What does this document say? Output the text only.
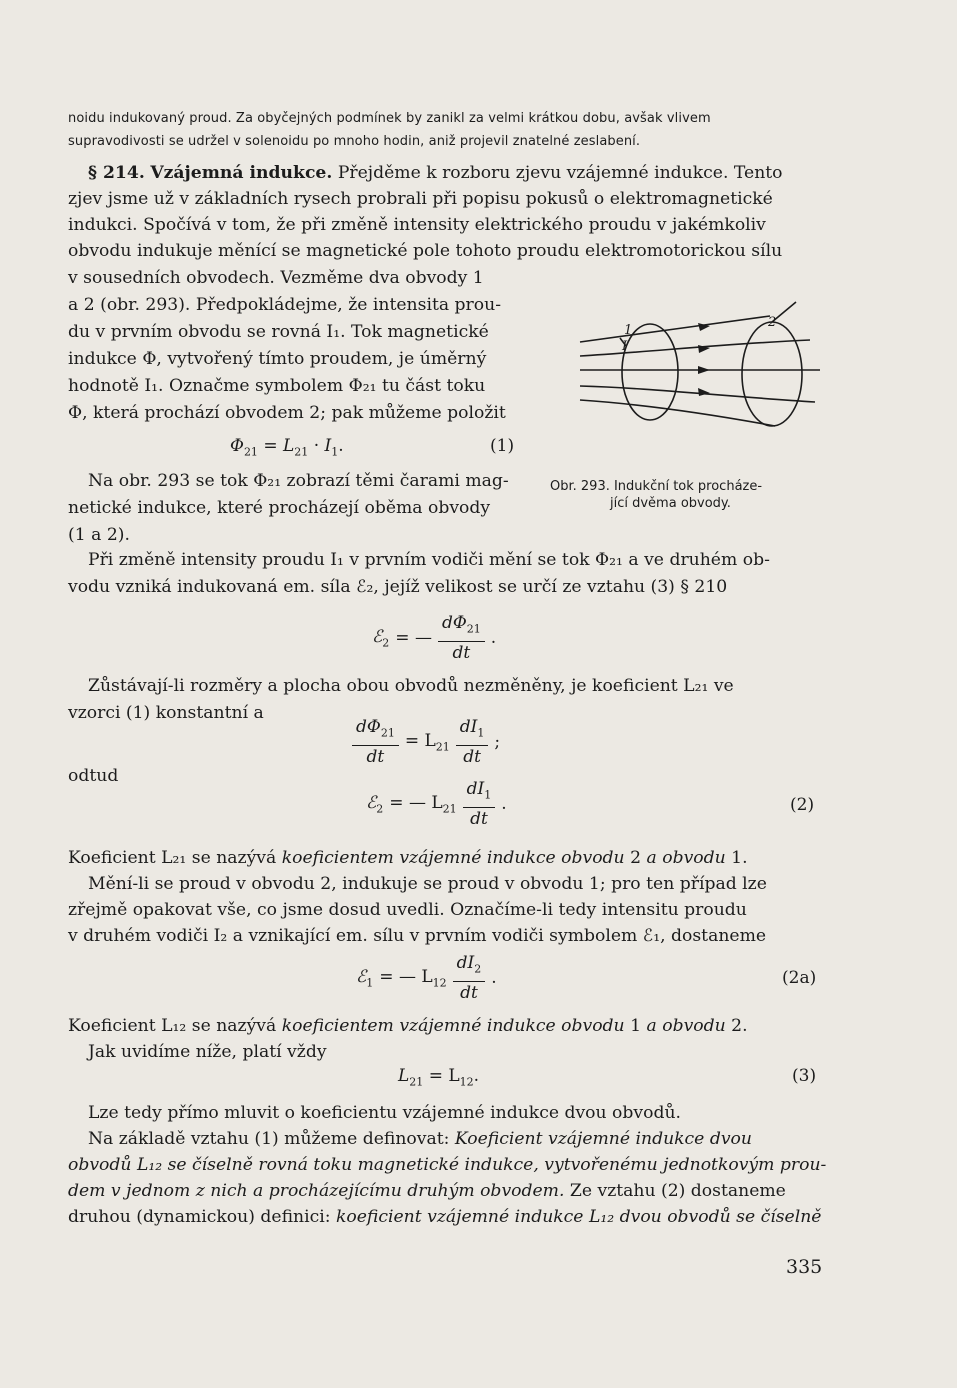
noidu indukovaný proud. Za obyčejných podmínek by zanikl za velmi krátkou dobu, avšak vlivem

supravodivosti se udržel v solenoidu po mnoho hodin, aniž projevil znatelné zeslabení.

§ 214. Vzájemná indukce. Přejděme k rozboru zjevu vzájemné indukce. Tento

zjev jsme už v základních rysech probrali při popisu pokusů o elektromagnetické

indukci. Spočívá v tom, že při změně intensity elektrického proudu v jakémkoliv

obvodu indukuje měnící se magnetické pole tohoto proudu elektromotorickou sílu

v sousedních obvodech. Vezměme dva obvody 1

a 2 (obr. 293). Předpokládejme, že intensita prou-

du v prvním obvodu se rovná I₁. Tok magnetické

indukce Φ, vytvořený tímto proudem, je úměrný

hodnotě I₁. Označme symbolem Φ₂₁ tu část toku

Φ, která prochází obvodem 2; pak můžeme položit

$\Phi_{21} = L_{21} \cdot I_1$.	(1)

Na obr. 293 se tok Φ₂₁ zobrazí těmi čarami mag-

netické indukce, které procházejí oběma obvody

(1 a 2).

1
2
I
Obr. 293. Indukční tok procháze-
jící dvěma obvody.

Při změně intensity proudu I₁ v prvním vodiči mění se tok Φ₂₁ a ve druhém ob-

vodu vzniká indukovaná em. síla ℰ₂, jejíž velikost se určí ze vztahu (3) § 210

ℰ$_2$ = — $\frac{d\Phi_{21}}{dt}$ .

Zůstávají-li rozměry a plocha obou obvodů nezměněny, je koeficient L₂₁ ve

vzorci (1) konstantní a

$\frac{d\Phi_{21}}{dt} = L_{21} \frac{dI_1}{dt}$ ;

odtud

ℰ$_2$ = — $L_{21} \frac{dI_1}{dt}$ .	(2)

Koeficient L₂₁ se nazývá koeficientem vzájemné indukce obvodu 2 a obvodu 1.

Mění-li se proud v obvodu 2, indukuje se proud v obvodu 1; pro ten případ lze

zřejmě opakovat vše, co jsme dosud uvedli. Označíme-li tedy intensitu proudu

v druhém vodiči I₂ a vznikající em. sílu v prvním vodiči symbolem ℰ₁, dostaneme

ℰ$_1$ = — $L_{12} \frac{dI_2}{dt}$ .	(2a)

Koeficient L₁₂ se nazývá koeficientem vzájemné indukce obvodu 1 a obvodu 2.

Jak uvidíme níže, platí vždy

$L_{21} = L_{12}$.	(3)

Lze tedy přímo mluvit o koeficientu vzájemné indukce dvou obvodů.

Na základě vztahu (1) můžeme definovat: Koeficient vzájemné indukce dvou

obvodů L₁₂ se číselně rovná toku magnetické indukce, vytvořenému jednotkovým prou-

dem v jednom z nich a procházejícímu druhým obvodem. Ze vztahu (2) dostaneme

druhou (dynamickou) definici: koeficient vzájemné indukce L₁₂ dvou obvodů se číselně

335
